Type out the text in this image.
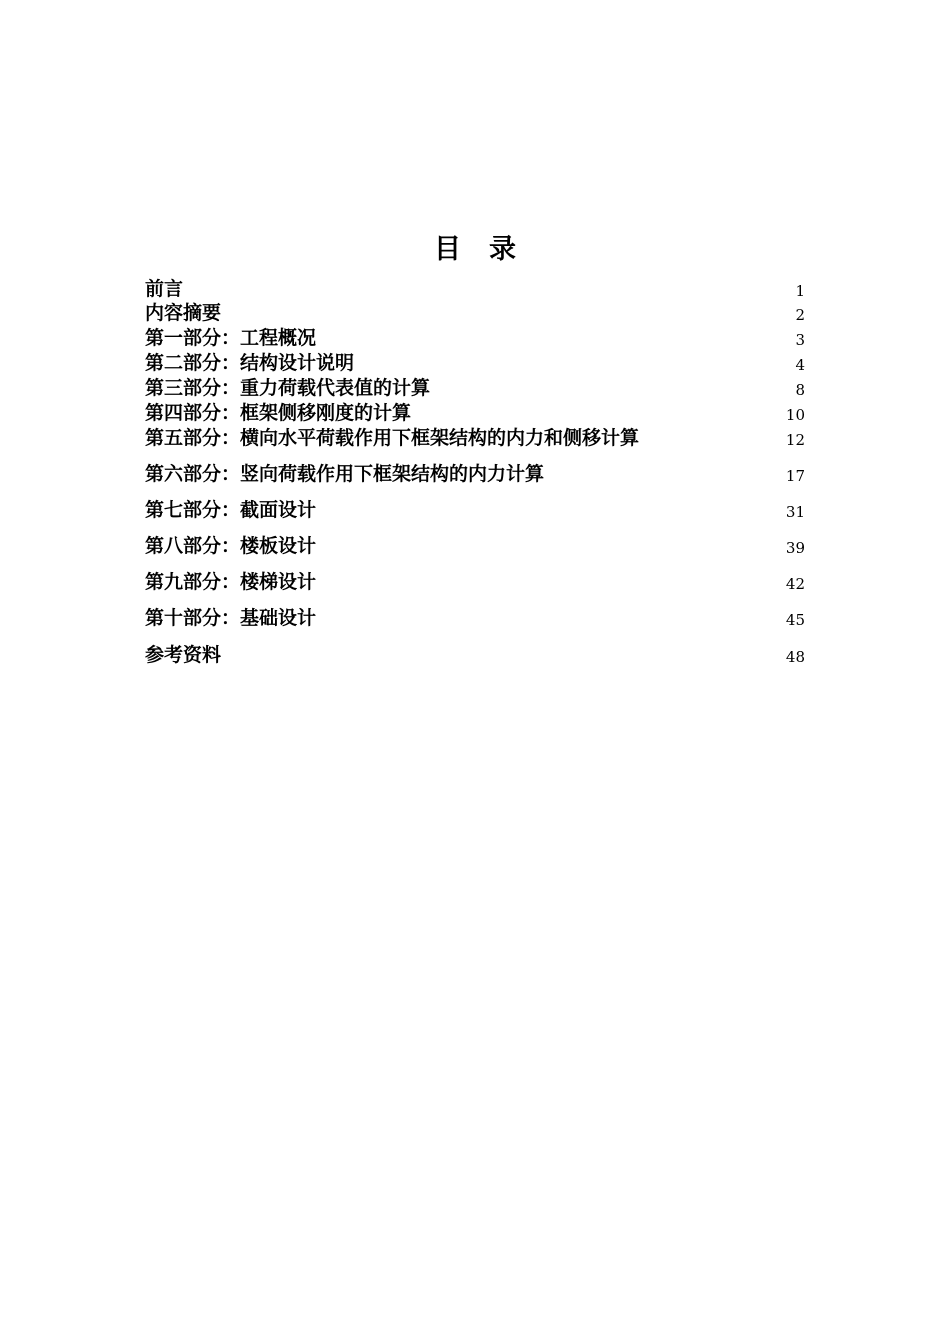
目 录
前言	1
内容摘要	2
第一部分：工程概况	3
第二部分：结构设计说明	4
第三部分：重力荷载代表值的计算	8
第四部分：框架侧移刚度的计算	10
第五部分：横向水平荷载作用下框架结构的内力和侧移计算	12
第六部分：竖向荷载作用下框架结构的内力计算	17
第七部分：截面设计	31
第八部分：楼板设计	39
第九部分：楼梯设计	42
第十部分：基础设计	45
参考资料	48
